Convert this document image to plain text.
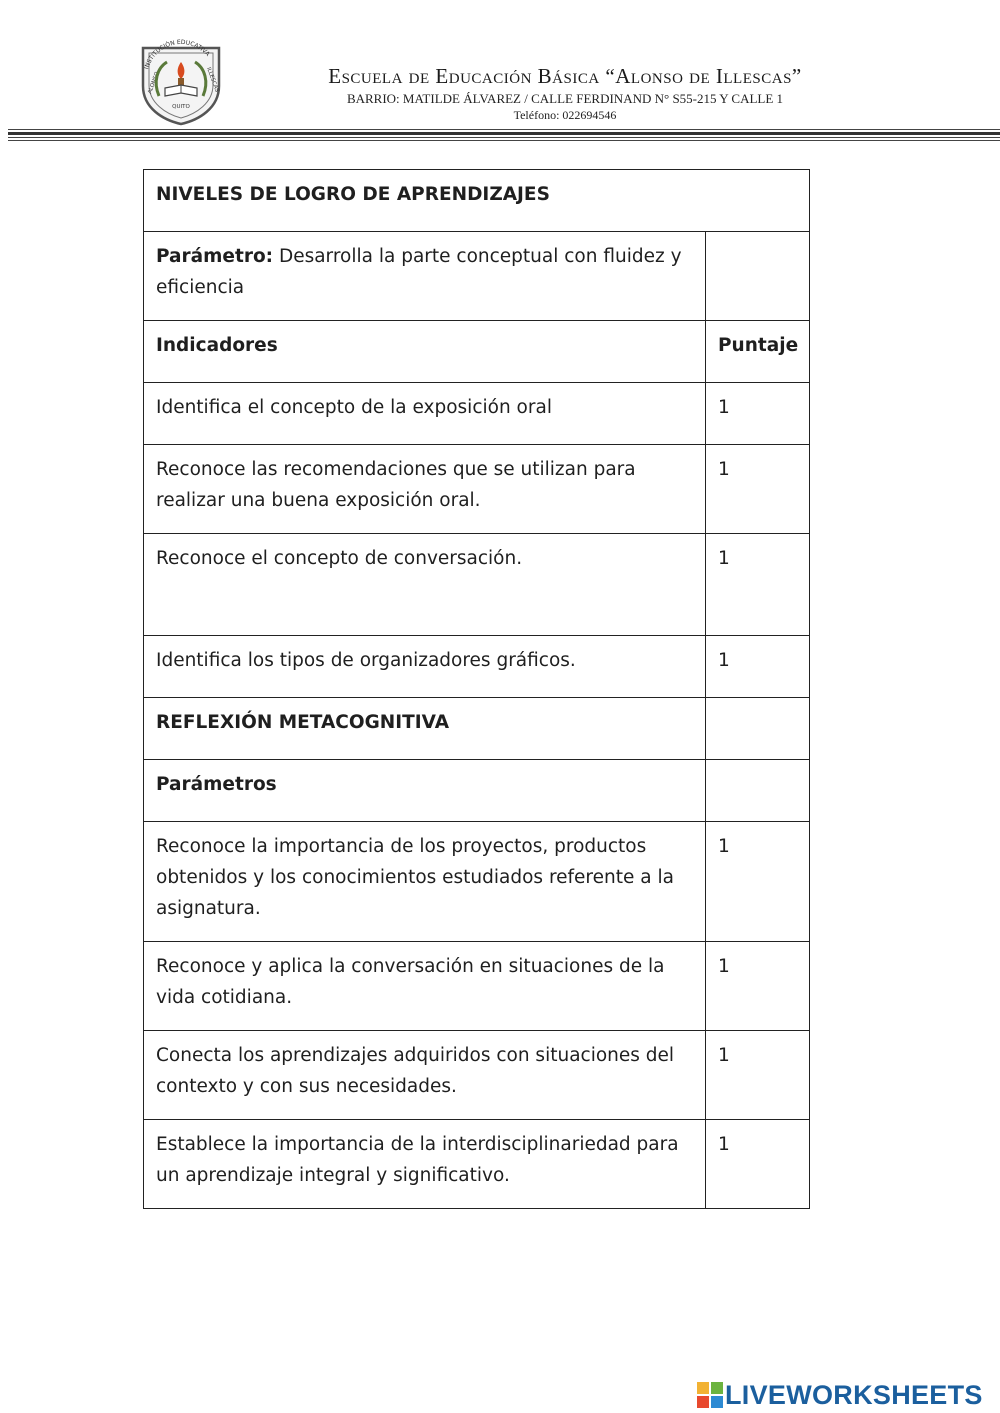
INSTITUCIÓN EDUCATIVA
ALONSO	ILLESCAS
QUITO
Escuela de Educación Básica “Alonso de Illescas”
BARRIO: MATILDE ÁLVAREZ / CALLE FERDINAND N° S55-215 Y CALLE 1
Teléfono: 022694546
NIVELES DE LOGRO DE APRENDIZAJES	
Parámetro: Desarrolla la parte conceptual con fluidez y eficiencia	
Indicadores	Puntaje
Identifica el concepto de la exposición oral	1
Reconoce las recomendaciones que se utilizan para realizar una buena exposición oral.	1
Reconoce el concepto de conversación.	1
Identifica los tipos de organizadores gráficos.	1
REFLEXIÓN METACOGNITIVA	
Parámetros	
Reconoce la importancia de los proyectos, productos obtenidos y los conocimientos estudiados referente a la asignatura.	1
Reconoce y aplica la conversación en situaciones de la vida cotidiana.	1
Conecta los aprendizajes adquiridos con situaciones del contexto y con sus necesidades.	1
Establece la importancia de la interdisciplinariedad para un aprendizaje integral y significativo.	1
LIVEWORKSHEETS
